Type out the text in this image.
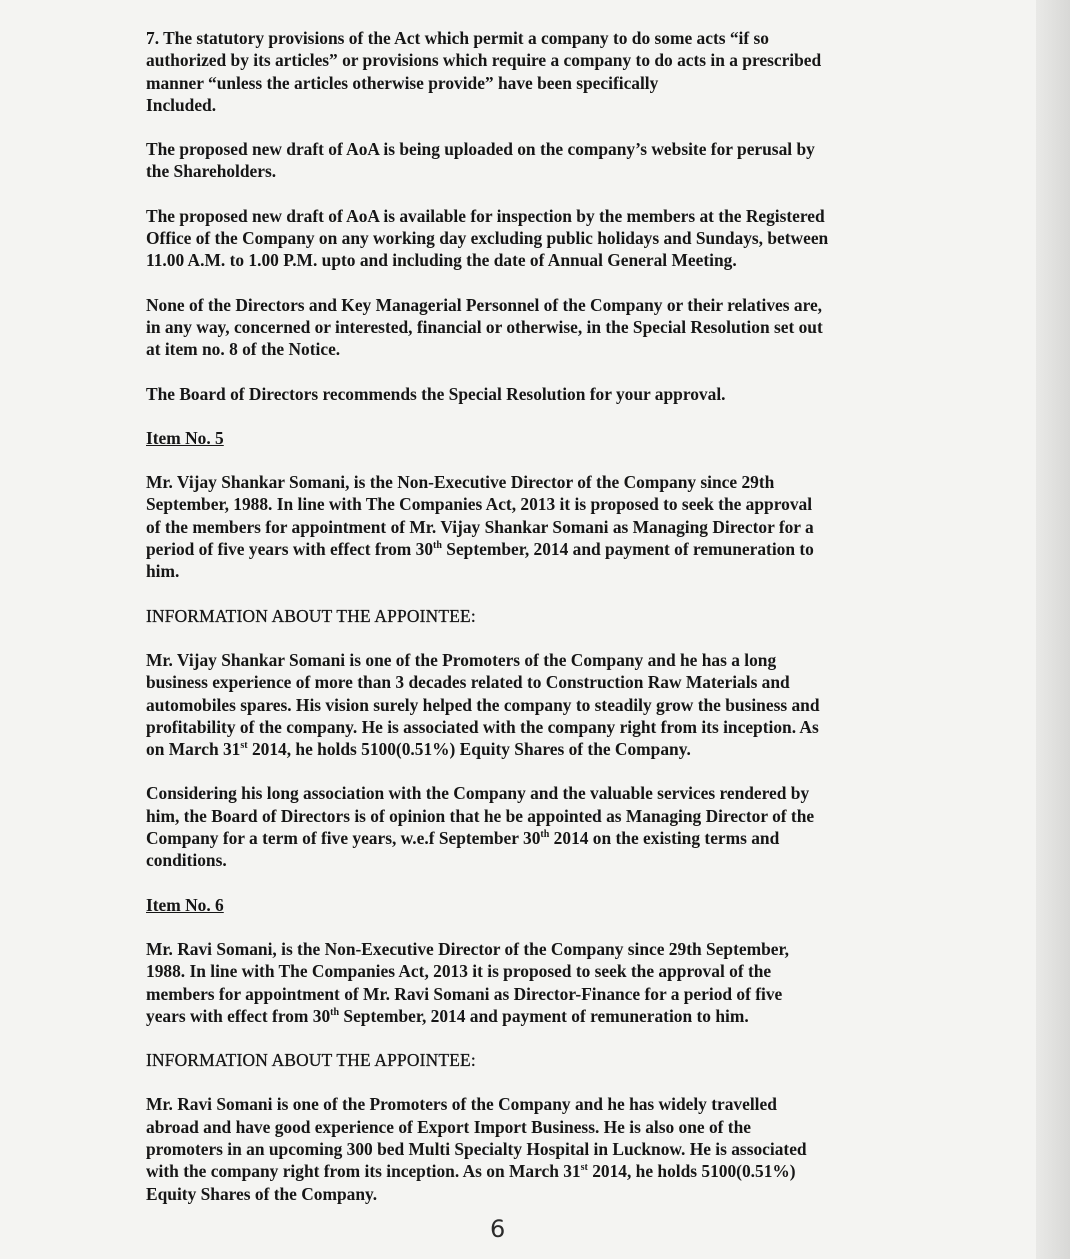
7. The statutory provisions of the Act which permit a company to do some acts “if so
authorized by its articles” or provisions which require a company to do acts in a prescribed
manner “unless the articles otherwise provide” have been specifically
Included.

The proposed new draft of AoA is being uploaded on the company’s website for perusal by
the Shareholders.

The proposed new draft of AoA is available for inspection by the members at the Registered
Office of the Company on any working day excluding public holidays and Sundays, between
11.00 A.M. to 1.00 P.M. upto and including the date of Annual General Meeting.

None of the Directors and Key Managerial Personnel of the Company or their relatives are,
in any way, concerned or interested, financial or otherwise, in the Special Resolution set out
at item no. 8 of the Notice.

The Board of Directors recommends the Special Resolution for your approval.

Item No. 5

Mr. Vijay Shankar Somani, is the Non-Executive Director of the Company since 29th
September, 1988. In line with The Companies Act, 2013 it is proposed to seek the approval
of the members for appointment of Mr. Vijay Shankar Somani as Managing Director for a
period of five years with effect from 30th September, 2014 and payment of remuneration to
him.

INFORMATION ABOUT THE APPOINTEE:

Mr. Vijay Shankar Somani is one of the Promoters of the Company and he has a long
business experience of more than 3 decades related to Construction Raw Materials and
automobiles spares. His vision surely helped the company to steadily grow the business and
profitability of the company. He is associated with the company right from its inception. As
on March 31st 2014, he holds 5100(0.51%) Equity Shares of the Company.

Considering his long association with the Company and the valuable services rendered by
him, the Board of Directors is of opinion that he be appointed as Managing Director of the
Company for a term of five years, w.e.f September 30th 2014 on the existing terms and
conditions.

Item No. 6

Mr. Ravi Somani, is the Non-Executive Director of the Company since 29th September,
1988. In line with The Companies Act, 2013 it is proposed to seek the approval of the
members for appointment of Mr. Ravi Somani as Director-Finance for a period of five
years with effect from 30th September, 2014 and payment of remuneration to him.

INFORMATION ABOUT THE APPOINTEE:

Mr. Ravi Somani is one of the Promoters of the Company and he has widely travelled
abroad and have good experience of Export Import Business. He is also one of the
promoters in an upcoming 300 bed Multi Specialty Hospital in Lucknow. He is associated
with the company right from its inception. As on March 31st 2014, he holds 5100(0.51%)
Equity Shares of the Company.

6
